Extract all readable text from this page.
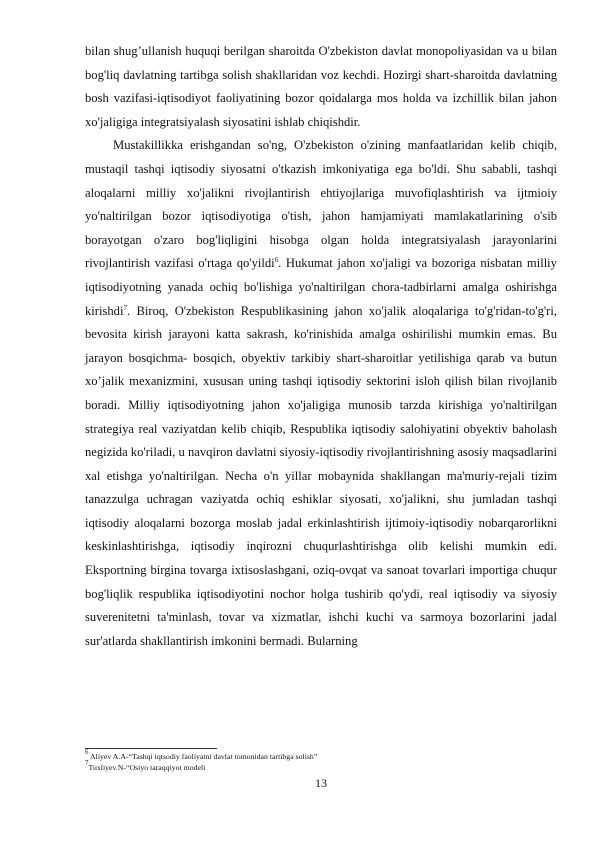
bilan shug’ullanish huquqi berilgan sharoitda O'zbekiston davlat monopoliyasidan va u bilan bog'liq davlatning tartibga solish shakllaridan voz kechdi. Hozirgi shart-sharoitda davlatning bosh vazifasi-iqtisodiyot faoliyatining bozor qoidalarga mos holda va izchillik bilan jahon xo'jaligiga integratsiyalash siyosatini ishlab chiqishdir.

Mustakillikka erishgandan so'ng, O'zbekiston o'zining manfaatlaridan kelib chiqib, mustaqil tashqi iqtisodiy siyosatni o'tkazish imkoniyatiga ega bo'ldi. Shu sababli, tashqi aloqalarni milliy xo'jalikni rivojlantirish ehtiyojlariga muvofiqlashtirish va ijtmioiy yo'naltirilgan bozor iqtisodiyotiga o'tish, jahon hamjamiyati mamlakatlarining o'sib borayotgan o'zaro bog'liqligini hisobga olgan holda integratsiyalash jarayonlarini rivojlantirish vazifasi o'rtaga qo'yildi$^6$. Hukumat jahon xo'jaligi va bozoriga nisbatan milliy iqtisodiyotning yanada ochiq bo'lishiga yo'naltirilgan chora-tadbirlarni amalga oshirishga kirishdi$^7$. Biroq, O'zbekiston Respublikasining jahon xo'jalik aloqalariga to'g'ridan-to'g'ri, bevosita kirish jarayoni katta sakrash, ko'rinishida amalga oshirilishi mumkin emas. Bu jarayon bosqichma- bosqich, obyektiv tarkibiy shart-sharoitlar yetilishiga qarab va butun xo’jalik mexanizmini, xususan uning tashqi iqtisodiy sektorini isloh qilish bilan rivojlanib boradi. Milliy iqtisodiyotning jahon xo'jaligiga munosib tarzda kirishiga yo'naltirilgan strategiya real vaziyatdan kelib chiqib, Respublika iqtisodiy salohiyatini obyektiv baholash negizida ko'riladi, u navqiron davlatni siyosiy-iqtisodiy rivojlantirishning asosiy maqsadlarini xal etishga yo'naltirilgan. Necha o'n yillar mobaynida shakllangan ma'muriy-rejali tizim tanazzulga uchragan vaziyatda ochiq eshiklar siyosati, xo'jalikni, shu jumladan tashqi iqtisodiy aloqalarni bozorga moslab jadal erkinlashtirish ijtimoiy-iqtisodiy nobarqarorlikni keskinlashtirishga, iqtisodiy inqirozni chuqurlashtirishga olib kelishi mumkin edi. Eksportning birgina tovarga ixtisoslashgani, oziq-ovqat va sanoat tovarlari importiga chuqur bog'liqlik respublika iqtisodiyotini nochor holga tushirib qo'ydi, real iqtisodiy va siyosiy suverenitetni ta'minlash, tovar va xizmatlar, ishchi kuchi va sarmoya bozorlarini jadal sur'atlarda shakllantirish imkonini bermadi. Bularning

$^6$ Aliyev A.A-“Tashqi iqtsodiy faoliyatni davlat tomonidan tartibga solish”

$^7$Tuxliyev.N-“Osiyo taraqqiyot modeli

13
